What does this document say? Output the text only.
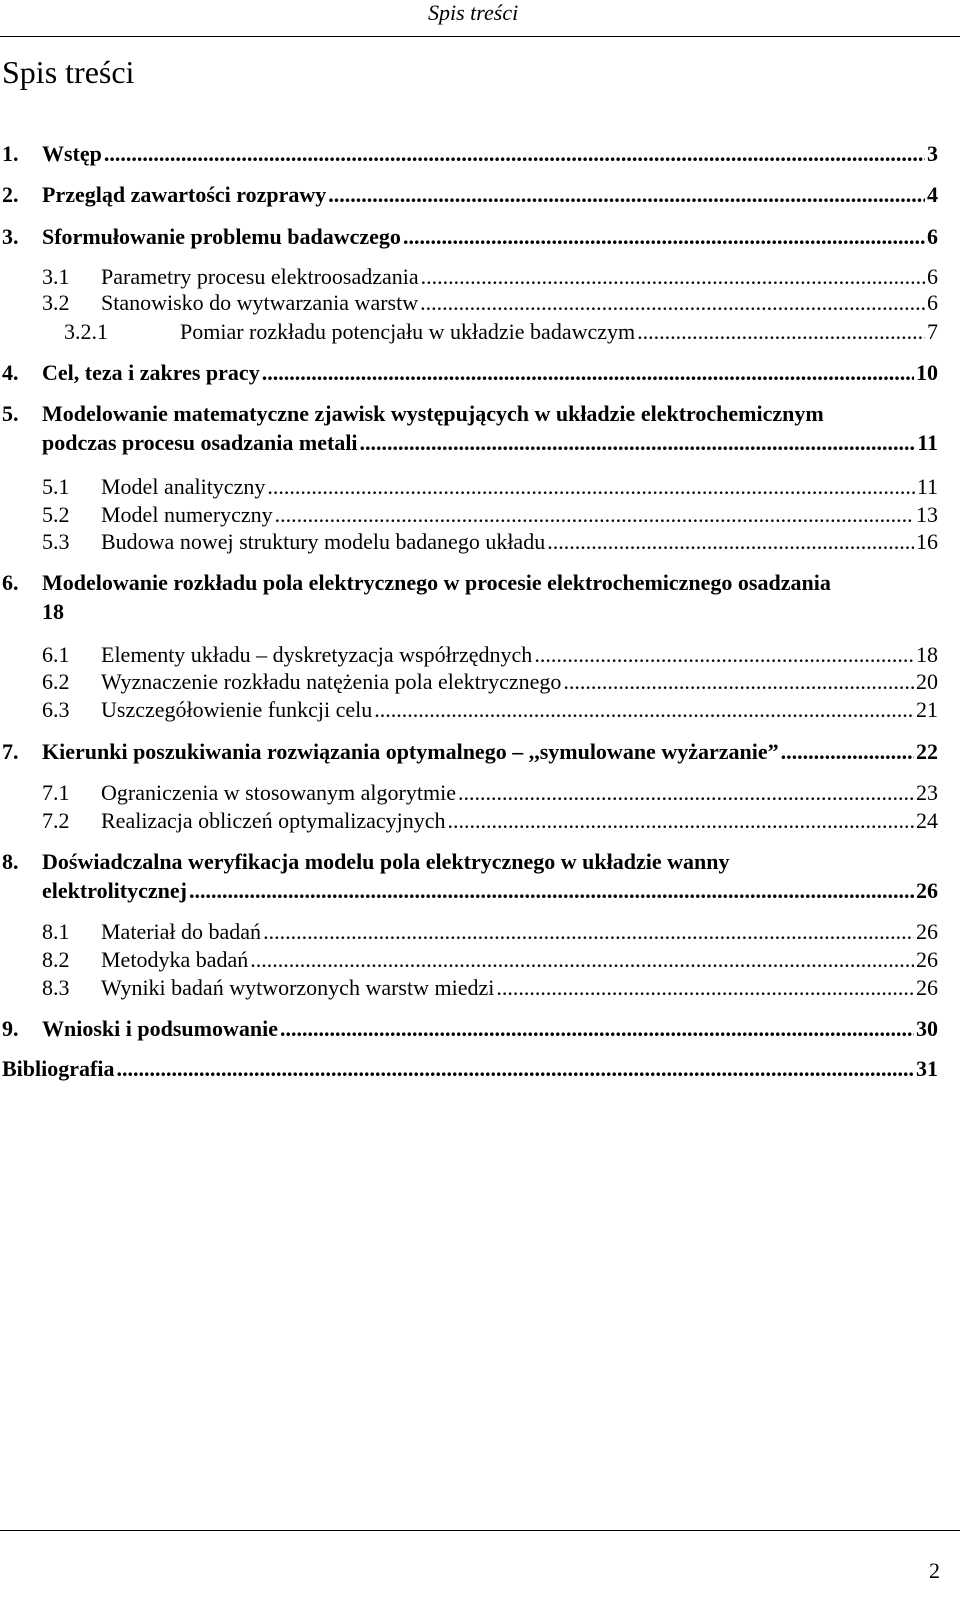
Spis treści
Spis treści
1. Wstęp .....	3
2. Przegląd zawartości rozprawy .....	4
3. Sformułowanie problemu badawczego .....	6
3.1 Parametry procesu elektroosadzania .....	6
3.2 Stanowisko do wytwarzania warstw .....	6
3.2.1	Pomiar rozkładu potencjału w układzie badawczym .....	7
4. Cel, teza i zakres pracy .....	10
5. Modelowanie matematyczne zjawisk występujących w układzie elektrochemicznym
podczas procesu osadzania metali .....	11
5.1 Model analityczny .....	11
5.2 Model numeryczny .....	13
5.3 Budowa nowej struktury modelu badanego układu .....	16
6. Modelowanie rozkładu pola elektrycznego w procesie elektrochemicznego osadzania
18
6.1 Elementy układu – dyskretyzacja współrzędnych .....	18
6.2 Wyznaczenie rozkładu natężenia pola elektrycznego .....	20
6.3 Uszczegółowienie funkcji celu .....	21
7. Kierunki poszukiwania rozwiązania optymalnego – ,,symulowane wyżarzanie” .....	22
7.1 Ograniczenia w stosowanym algorytmie .....	23
7.2 Realizacja obliczeń optymalizacyjnych .....	24
8. Doświadczalna weryfikacja modelu pola elektrycznego w układzie wanny
elektrolitycznej .....	26
8.1 Materiał do badań .....	26
8.2 Metodyka badań .....	26
8.3 Wyniki badań wytworzonych warstw miedzi .....	26
9. Wnioski i podsumowanie .....	30
Bibliografia .....	31
2
